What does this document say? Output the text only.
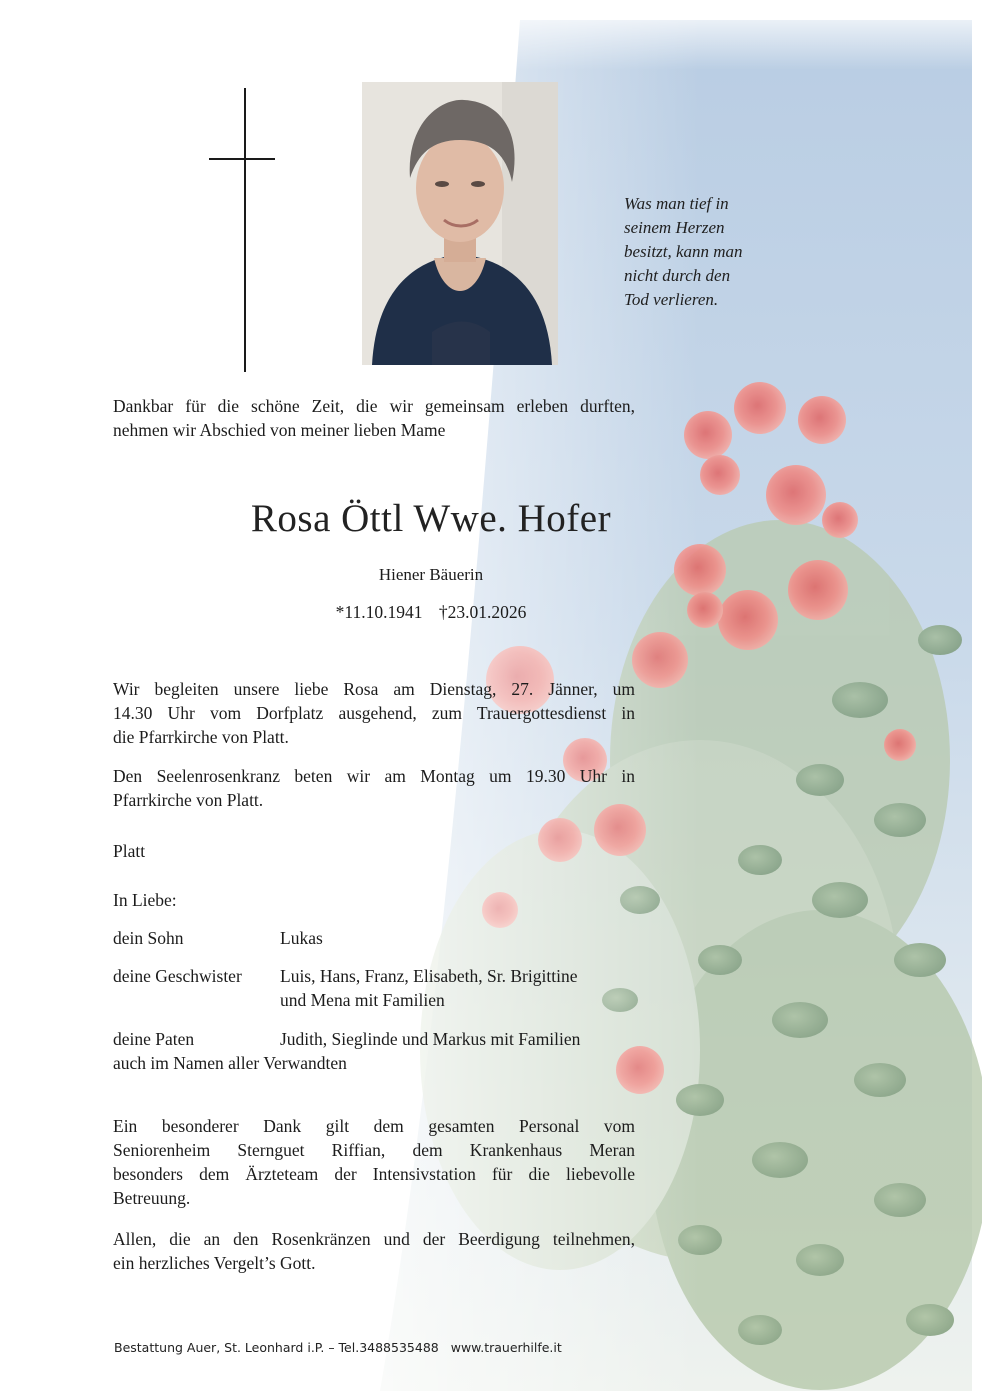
Was man tief in
seinem Herzen
besitzt, kann man
nicht durch den
Tod verlieren.
Dankbar für die schöne Zeit, die wir gemeinsam erleben durften,
nehmen wir Abschied von meiner lieben Mame
Rosa Öttl Wwe. Hofer
Hiener Bäuerin
*11.10.1941 †23.01.2026
Wir begleiten unsere liebe Rosa am Dienstag, 27. Jänner, um
14.30 Uhr vom Dorfplatz ausgehend, zum Trauergottesdienst in
die Pfarrkirche von Platt.
Den Seelenrosenkranz beten wir am Montag um 19.30 Uhr in
Pfarrkirche von Platt.
Platt
In Liebe:
dein Sohn	Lukas
deine Geschwister Luis, Hans, Franz, Elisabeth, Sr. Brigittine
und Mena mit Familien
deine Paten	Judith, Sieglinde und Markus mit Familien
auch im Namen aller Verwandten
Ein besonderer Dank gilt dem gesamten Personal vom
Seniorenheim Sternguet Riffian, dem Krankenhaus Meran
besonders dem Ärzteteam der Intensivstation für die liebevolle
Betreuung.
Allen, die an den Rosenkränzen und der Beerdigung teilnehmen,
ein herzliches Vergelt’s Gott.
Bestattung Auer, St. Leonhard i.P. – Tel.3488535488 www.trauerhilfe.it
